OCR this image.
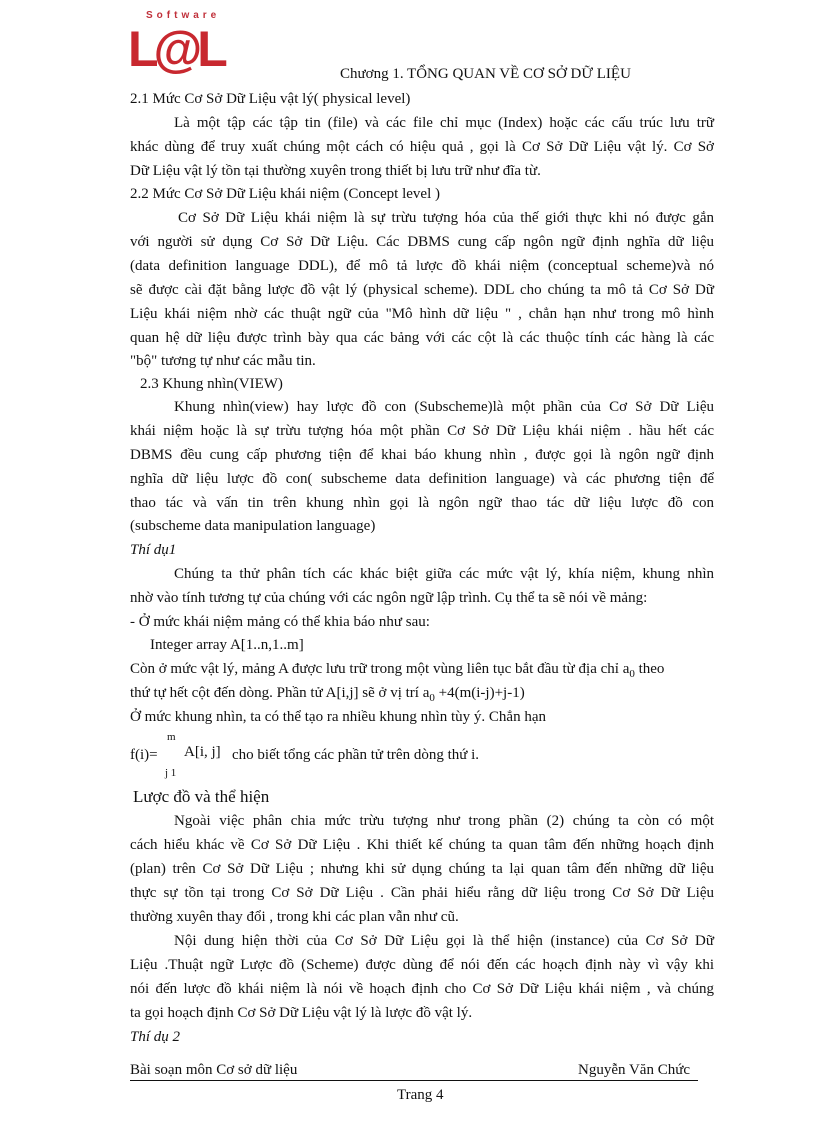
Software
L@L	Chương 1. TỔNG QUAN VỀ CƠ SỞ DỮ LIỆU
2.1 Mức Cơ Sở Dữ Liệu vật lý( physical level)
Là một tập các tập tin (file) và các file chỉ mục (Index) hoặc các cấu trúc lưu trữ
khác dùng để truy xuất chúng một cách có hiệu quả , gọi là Cơ Sở Dữ Liệu vật lý. Cơ Sở
Dữ Liệu vật lý tồn tại thường xuyên trong thiết bị lưu trữ như đĩa từ.
2.2 Mức Cơ Sở Dữ Liệu khái niệm (Concept level )
Cơ Sở Dữ Liệu khái niệm là sự trừu tượng hóa của thế giới thực khi nó được gắn
với người sử dụng Cơ Sở Dữ Liệu. Các DBMS cung cấp ngôn ngữ định nghĩa dữ liệu
(data definition language DDL), để mô tả lược đồ khái niệm (conceptual scheme)và nó
sẽ được cài đặt bằng lược đồ vật lý (physical scheme). DDL cho chúng ta mô tả Cơ Sở Dữ
Liệu khái niệm nhờ các thuật ngữ của "Mô hình dữ liệu " , chẳn hạn như trong mô hình
quan hệ dữ liệu được trình bày qua các bảng với các cột là các thuộc tính các hàng là các
"bộ" tương tự như các mẫu tin.
2.3 Khung nhìn(VIEW)
Khung nhìn(view) hay lược đồ con (Subscheme)là một phần của Cơ Sở Dữ Liệu
khái niệm hoặc là sự trừu tượng hóa một phần Cơ Sở Dữ Liệu khái niệm . hầu hết các
DBMS đều cung cấp phương tiện để khai báo khung nhìn , được gọi là ngôn ngữ định
nghĩa dữ liệu lược đồ con( subscheme data definition language) và các phương tiện để
thao tác và vấn tin trên khung nhìn gọi là ngôn ngữ thao tác dữ liệu lược đồ con
(subscheme data manipulation language)
Thí dụ1
Chúng ta thử phân tích các khác biệt giữa các mức vật lý, khía niệm, khung nhìn
nhờ vào tính tương tự của chúng với các ngôn ngữ lập trình. Cụ thể ta sẽ nói về mảng:
- Ở mức khái niệm mảng có thể khia báo như sau:
Integer array A[1..n,1..m]
Còn ở mức vật lý, mảng A được lưu trữ trong một vùng liên tục bắt đầu từ địa chỉ $a_0$ theo
thứ tự hết cột đến dòng. Phần tử A[i,j] sẽ ở vị trí $a_0 +4(m(i-j)+j-1)$
Ở mức khung nhìn, ta có thể tạo ra nhiều khung nhìn tùy ý. Chẳn hạn
m
f(i)= A[i, j] cho biết tổng các phần tử trên dòng thứ i.
j 1
Lược đồ và thể hiện
Ngoài việc phân chia mức trừu tượng như trong phần (2) chúng ta còn có một
cách hiểu khác về Cơ Sở Dữ Liệu . Khi thiết kế chúng ta quan tâm đến những hoạch định
(plan) trên Cơ Sở Dữ Liệu ; nhưng khi sử dụng chúng ta lại quan tâm đến những dữ liệu
thực sự tồn tại trong Cơ Sở Dữ Liệu . Cần phải hiểu rằng dữ liệu trong Cơ Sở Dữ Liệu
thường xuyên thay đổi , trong khi các plan vẫn như cũ.
Nội dung hiện thời của Cơ Sở Dữ Liệu gọi là thể hiện (instance) của Cơ Sở Dữ
Liệu .Thuật ngữ Lược đồ (Scheme) được dùng để nói đến các hoạch định này vì vậy khi
nói đến lược đồ khái niệm là nói về hoạch định cho Cơ Sở Dữ Liệu khái niệm , và chúng
ta gọi hoạch định Cơ Sở Dữ Liệu vật lý là lược đồ vật lý.
Thí dụ 2
Bài soạn môn Cơ sở dữ liệu	Nguyễn Văn Chức
Trang 4
